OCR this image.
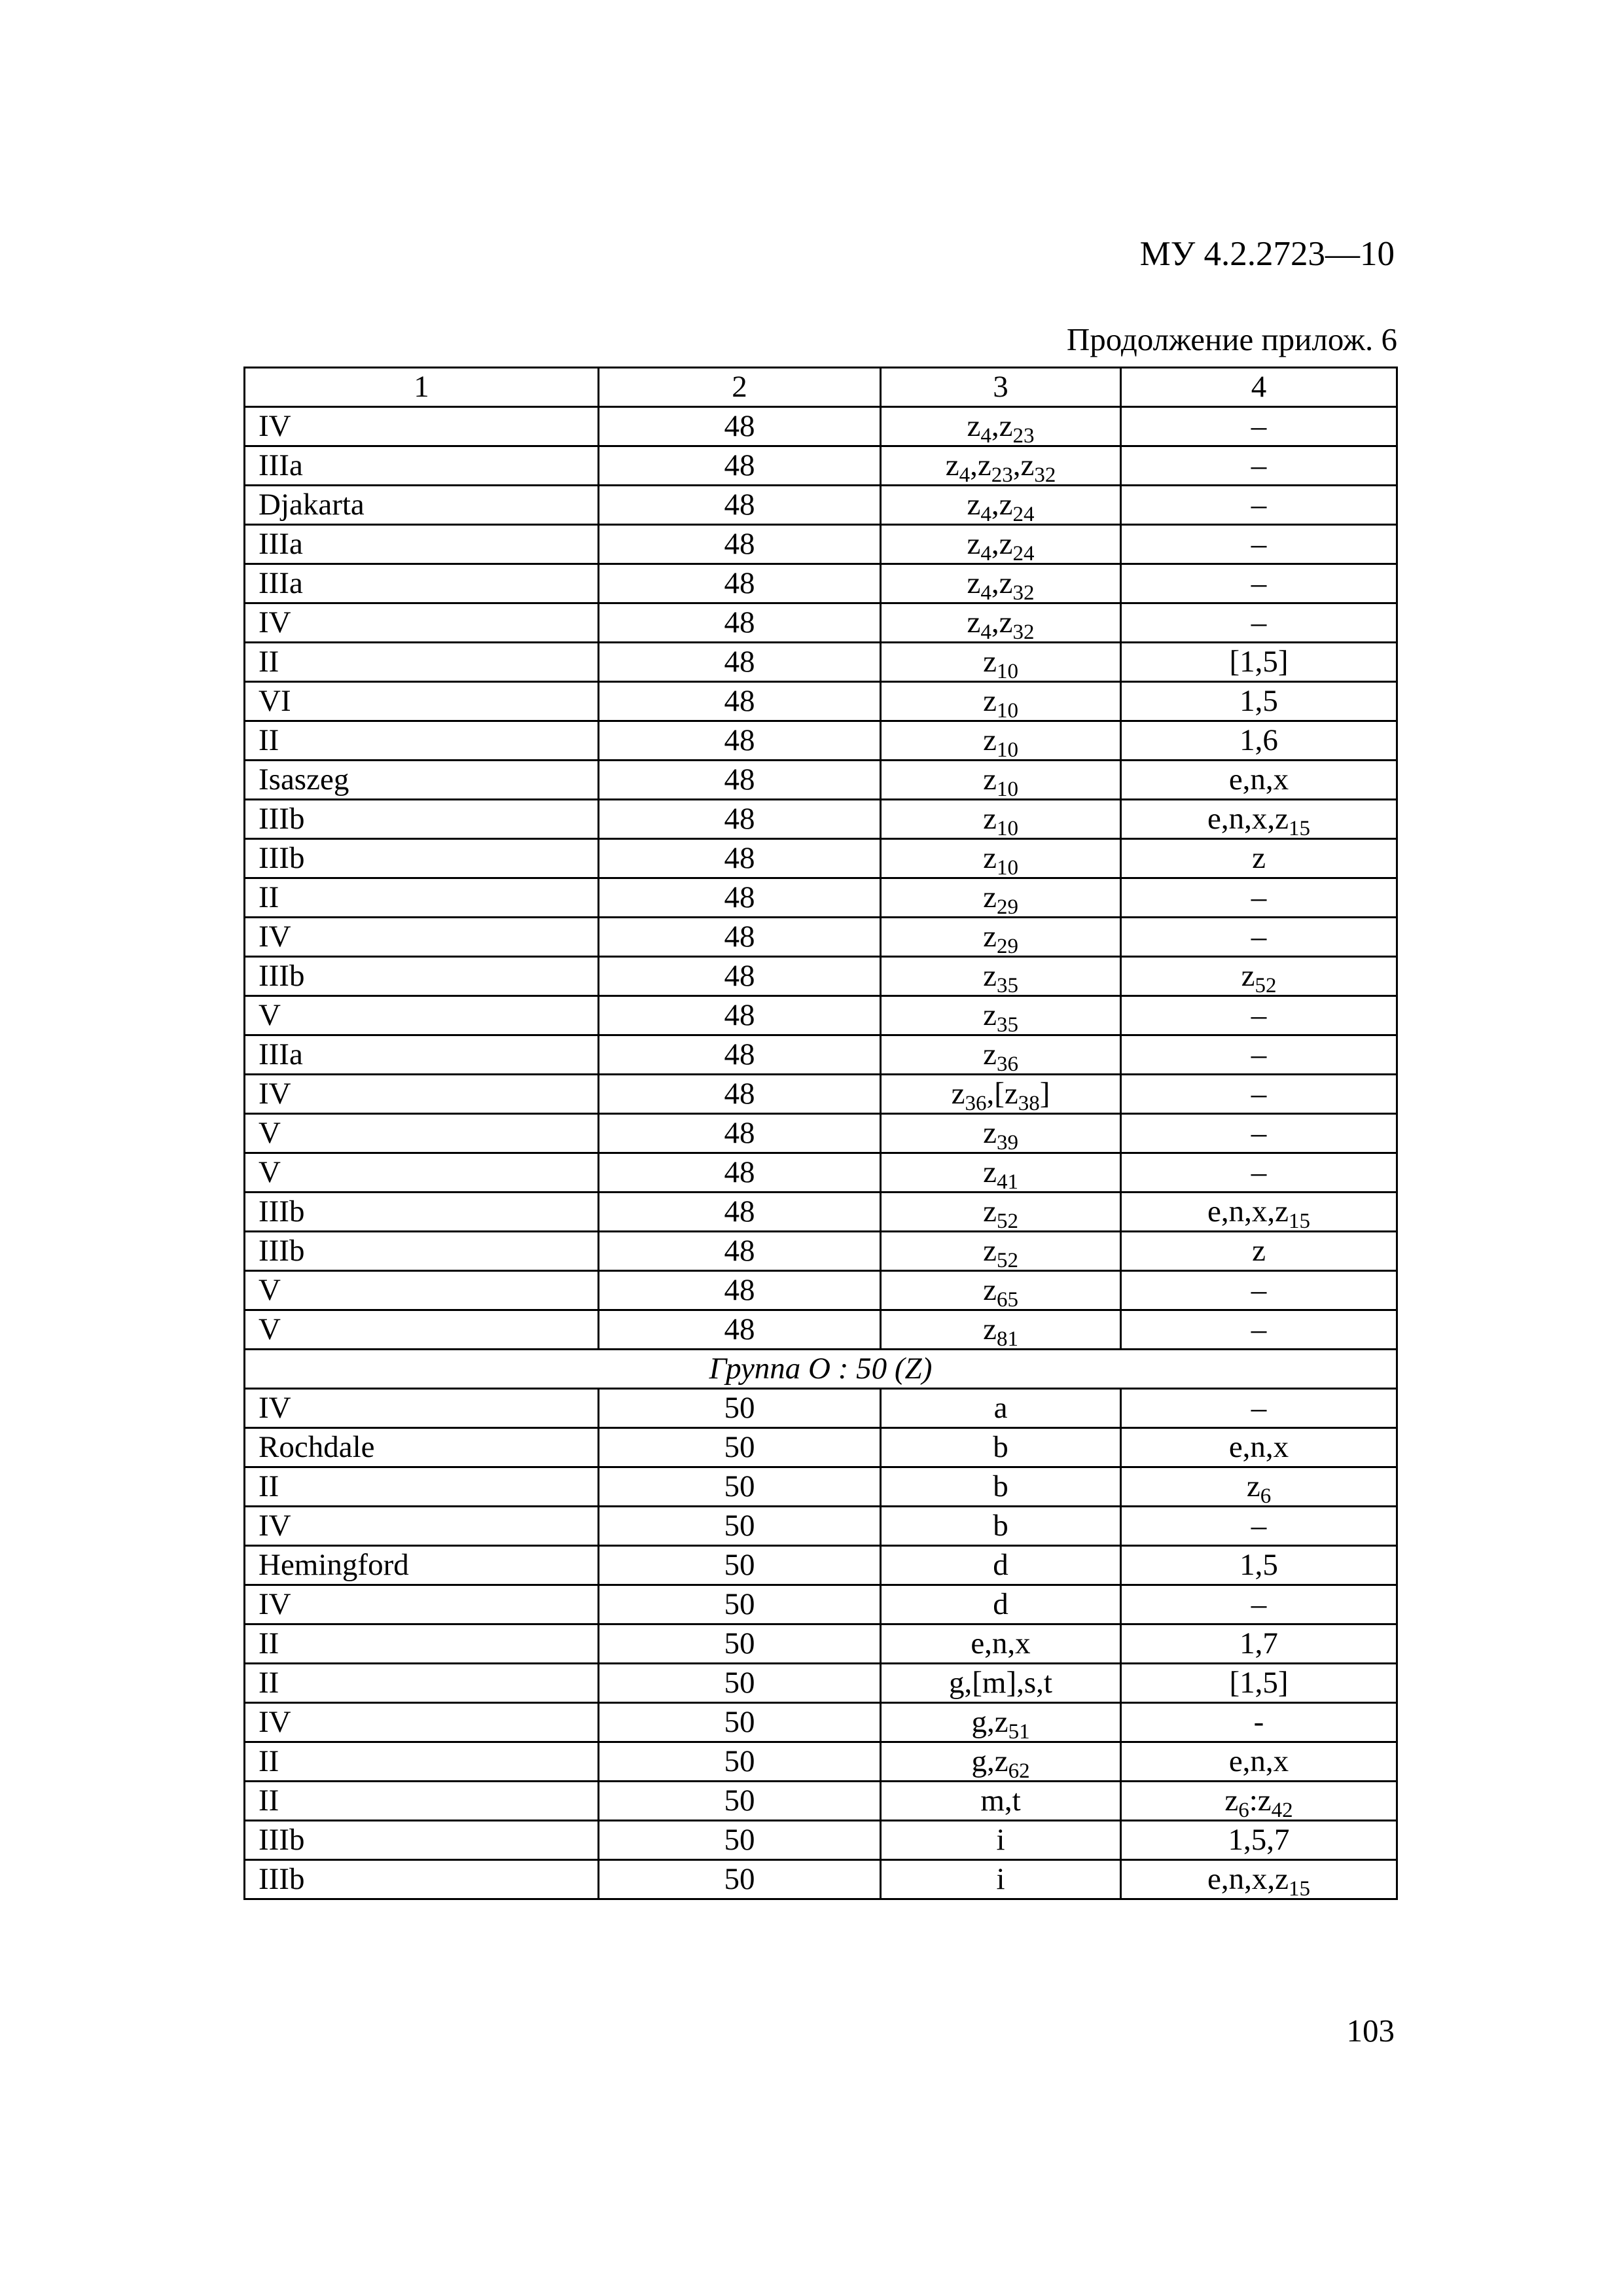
МУ 4.2.2723—10
Продолжение прилож. 6
1	2	3	4
IV	48	$z_4,z_{23}$	–
IIIa	48	$z_4,z_{23},z_{32}$	–
Djakarta	48	$z_4,z_{24}$	–
IIIa	48	$z_4,z_{24}$	–
IIIa	48	$z_4,z_{32}$	–
IV	48	$z_4,z_{32}$	–
II	48	$z_{10}$	[1,5]
VI	48	$z_{10}$	1,5
II	48	$z_{10}$	1,6
Isaszeg	48	$z_{10}$	e,n,x
IIIb	48	$z_{10}$	$e,n,x,z_{15}$
IIIb	48	$z_{10}$	z
II	48	$z_{29}$	–
IV	48	$z_{29}$	–
IIIb	48	$z_{35}$	$z_{52}$
V	48	$z_{35}$	–
IIIa	48	$z_{36}$	–
IV	48	$z_{36},[z_{38}]$	–
V	48	$z_{39}$	–
V	48	$z_{41}$	–
IIIb	48	$z_{52}$	$e,n,x,z_{15}$
IIIb	48	$z_{52}$	z
V	48	$z_{65}$	–
V	48	$z_{81}$	–
Группа О : 50 (Z)			
IV	50	a	–
Rochdale	50	b	e,n,x
II	50	b	$z_6$
IV	50	b	–
Hemingford	50	d	1,5
IV	50	d	–
II	50	e,n,x	1,7
II	50	g,[m],s,t	[1,5]
IV	50	$g,z_{51}$	-
II	50	$g,z_{62}$	e,n,x
II	50	m,t	$z_6:z_{42}$
IIIb	50	i	1,5,7
IIIb	50	i	$e,n,x,z_{15}$
103
